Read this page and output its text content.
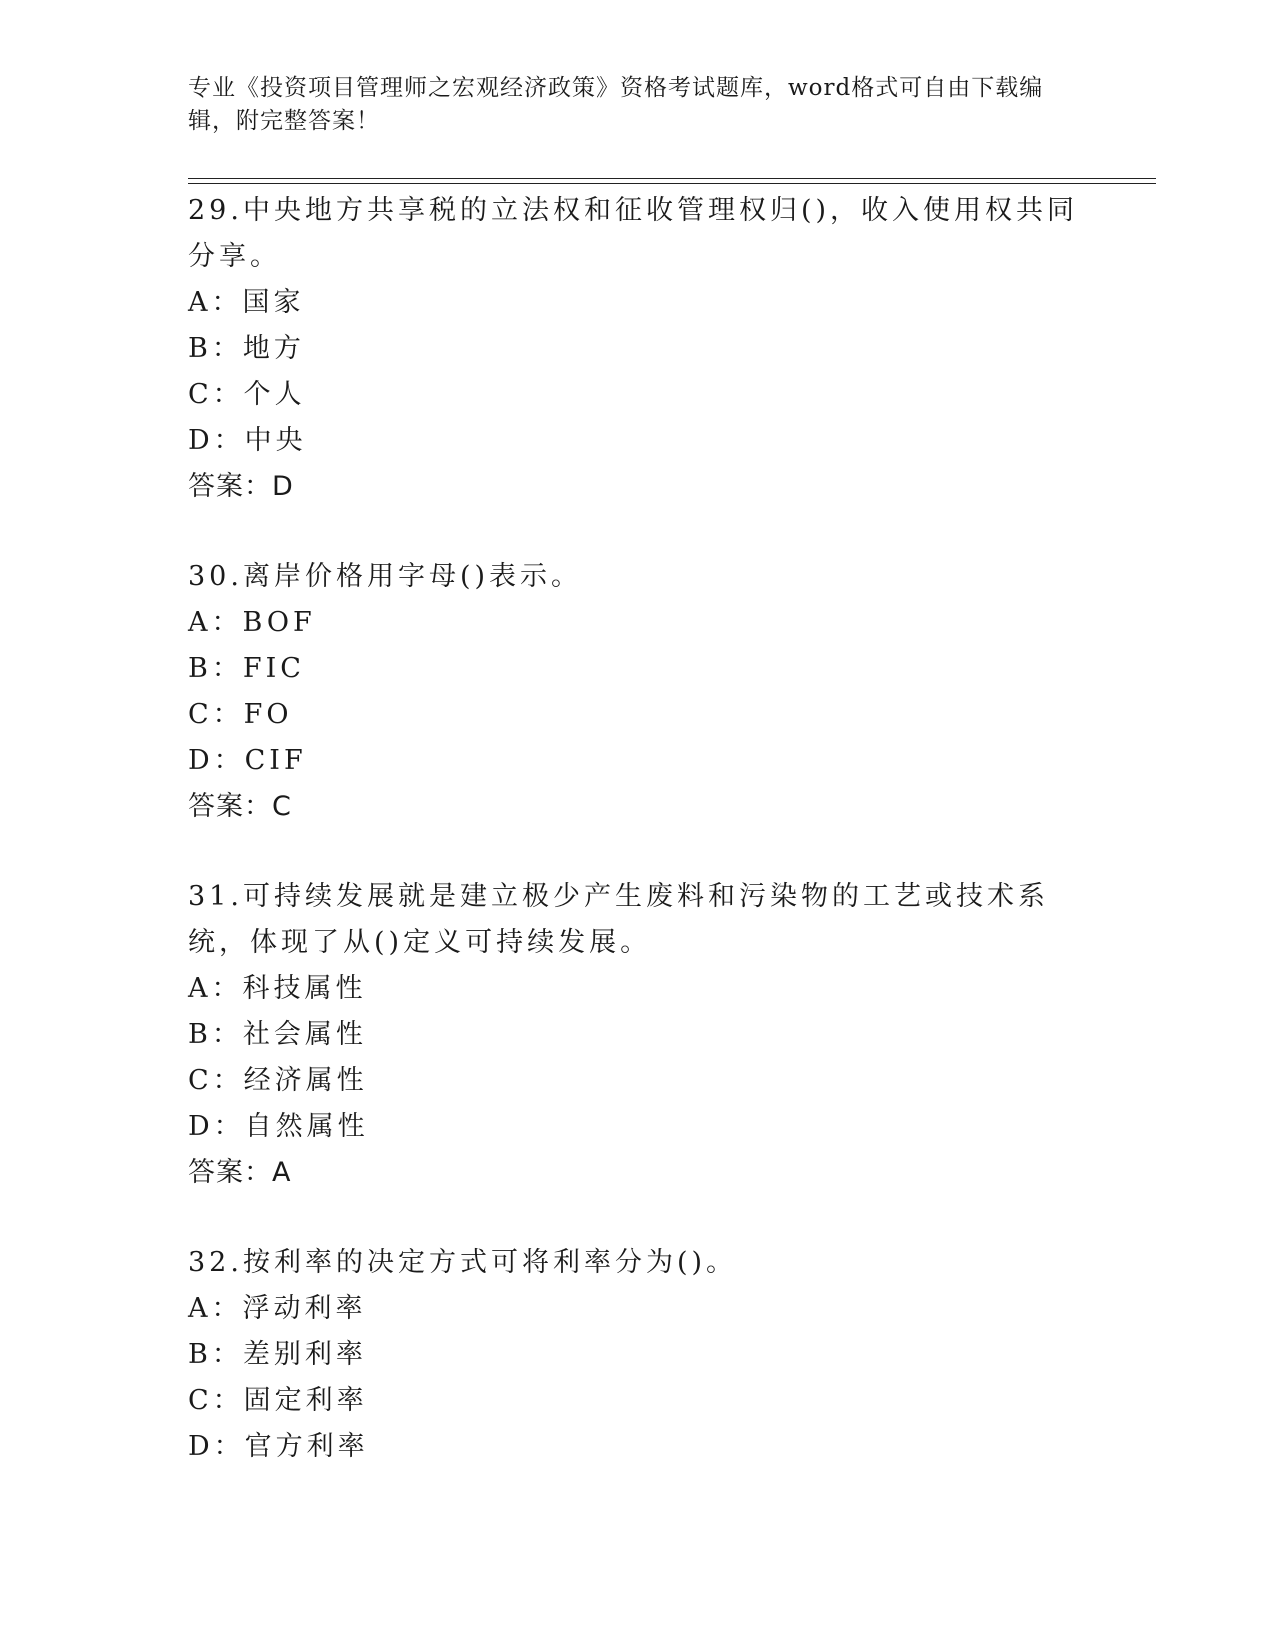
专业《投资项目管理师之宏观经济政策》资格考试题库，word格式可自由下载编辑，附完整答案！
29.中央地方共享税的立法权和征收管理权归()，收入使用权共同分享。
A：国家
B：地方
C：个人
D：中央
答案：D
30.离岸价格用字母()表示。
A：BOF
B：FIC
C：FO
D：CIF
答案：C
31.可持续发展就是建立极少产生废料和污染物的工艺或技术系统，体现了从()定义可持续发展。
A：科技属性
B：社会属性
C：经济属性
D：自然属性
答案：A
32.按利率的决定方式可将利率分为()。
A：浮动利率
B：差别利率
C：固定利率
D：官方利率
